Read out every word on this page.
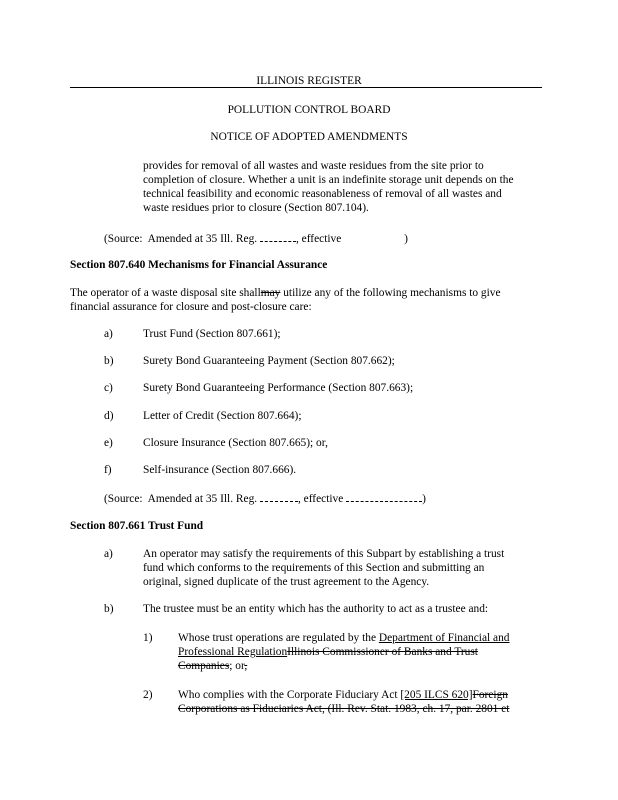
ILLINOIS REGISTER
POLLUTION CONTROL BOARD
NOTICE OF ADOPTED AMENDMENTS
provides for removal of all wastes and waste residues from the site prior to
completion of closure. Whether a unit is an indefinite storage unit depends on the
technical feasibility and economic reasonableness of removal of all wastes and
waste residues prior to closure (Section 807.104).
(Source:  Amended at 35 Ill. Reg.	, effective	)
Section 807.640 Mechanisms for Financial Assurance
The operator of a waste disposal site shallmay utilize any of the following mechanisms to give
financial assurance for closure and post-closure care:
a)	Trust Fund (Section 807.661);
b)	Surety Bond Guaranteeing Payment (Section 807.662);
c)	Surety Bond Guaranteeing Performance (Section 807.663);
d)	Letter of Credit (Section 807.664);
e)	Closure Insurance (Section 807.665); or,
f)	Self-insurance (Section 807.666).
(Source:  Amended at 35 Ill. Reg.	, effective	)
Section 807.661 Trust Fund
a)	An operator may satisfy the requirements of this Subpart by establishing a trust
fund which conforms to the requirements of this Section and submitting an
original, signed duplicate of the trust agreement to the Agency.
b)	The trustee must be an entity which has the authority to act as a trustee and:
1) Whose trust operations are regulated by the Department of Financial and
Professional RegulationIllinois Commissioner of Banks and Trust
Companies; or,
2) Who complies with the Corporate Fiduciary Act [205 ILCS 620]Foreign
Corporations as Fiduciaries Act, (Ill. Rev. Stat. 1983, ch. 17, par. 2801 et
